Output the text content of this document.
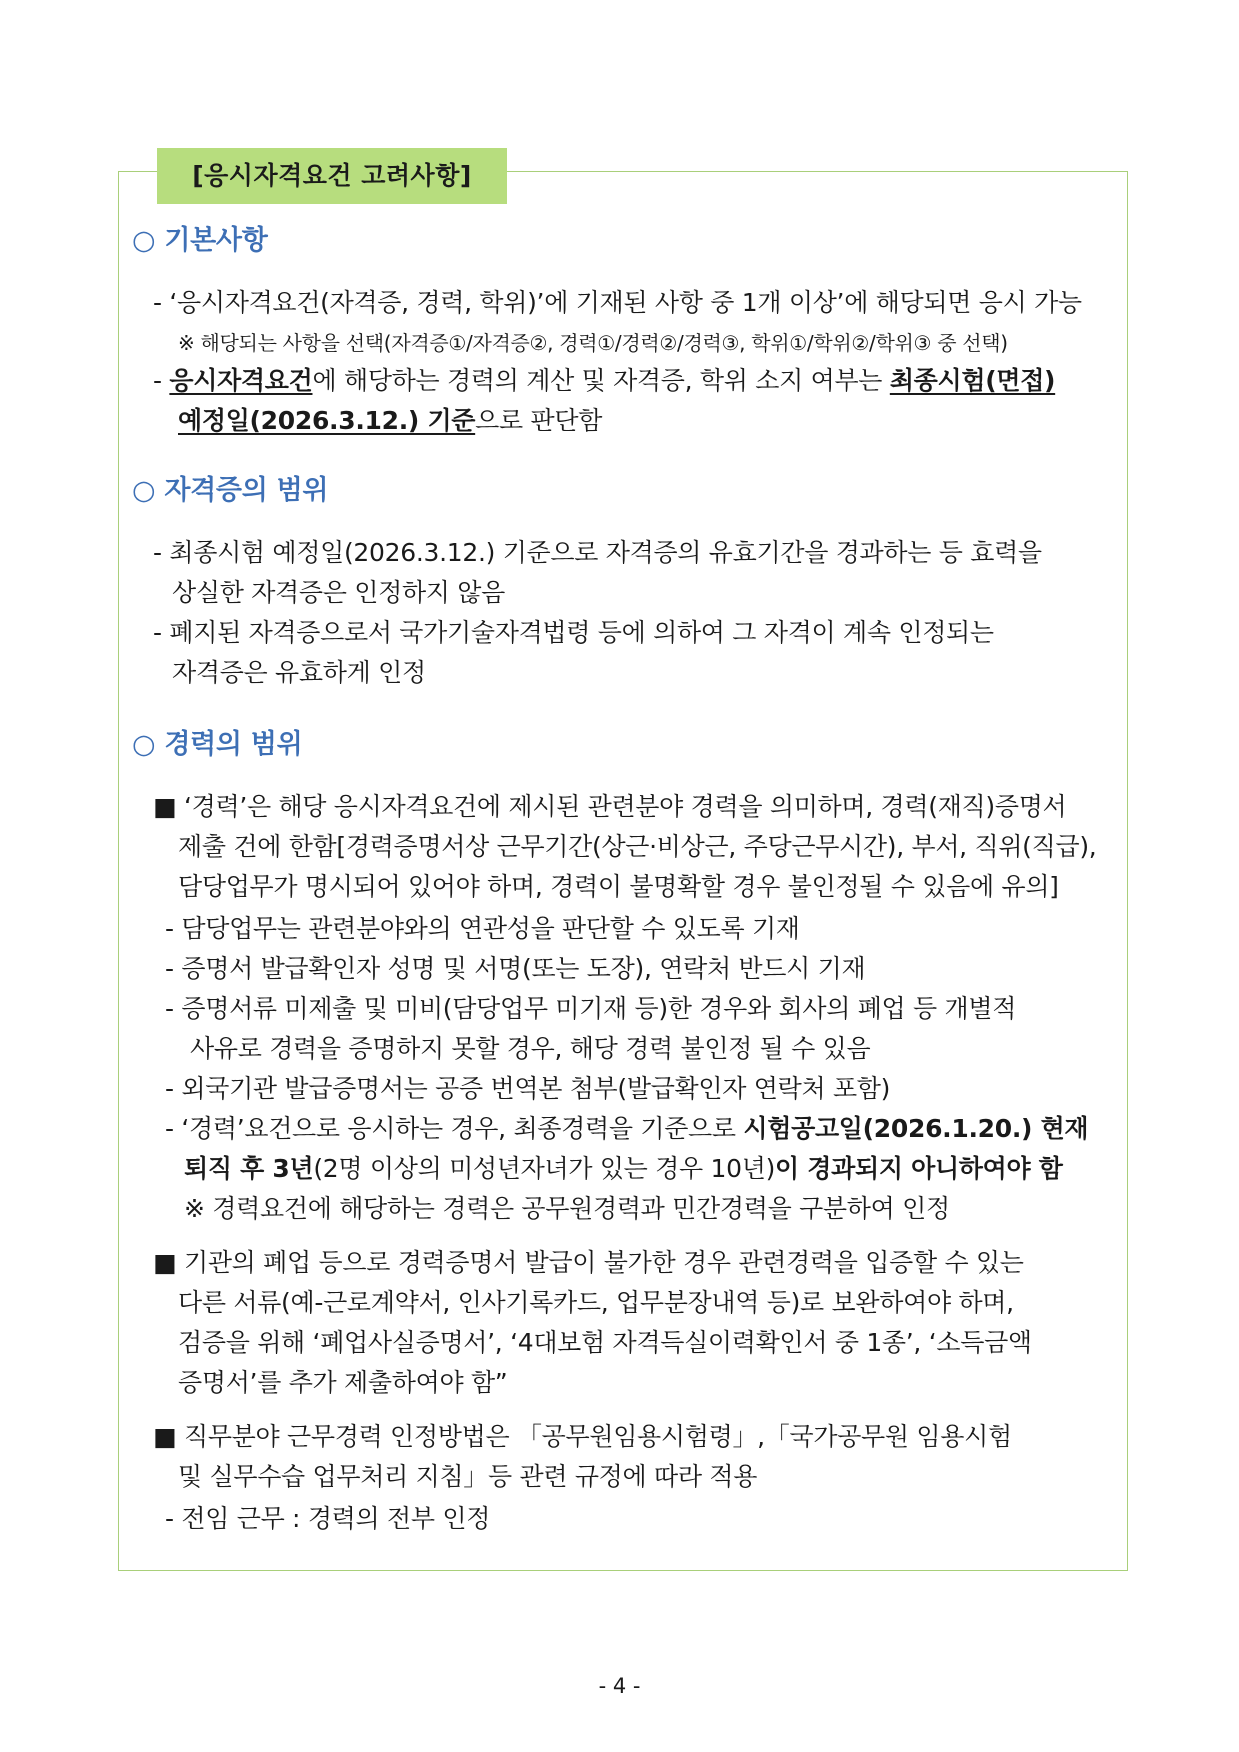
[응시자격요건 고려사항]
○ 기본사항
- ‘응시자격요건(자격증, 경력, 학위)’에 기재된 사항 중 1개 이상’에 해당되면 응시 가능
※ 해당되는 사항을 선택(자격증①/자격증②, 경력①/경력②/경력③, 학위①/학위②/학위③ 중 선택)
- 응시자격요건에 해당하는 경력의 계산 및 자격증, 학위 소지 여부는 최종시험(면접)
예정일(2026.3.12.) 기준으로 판단함
○ 자격증의 범위
- 최종시험 예정일(2026.3.12.) 기준으로 자격증의 유효기간을 경과하는 등 효력을
상실한 자격증은 인정하지 않음
- 폐지된 자격증으로서 국가기술자격법령 등에 의하여 그 자격이 계속 인정되는
자격증은 유효하게 인정
○ 경력의 범위
■ ‘경력’은 해당 응시자격요건에 제시된 관련분야 경력을 의미하며, 경력(재직)증명서
제출 건에 한함[경력증명서상 근무기간(상근·비상근, 주당근무시간), 부서, 직위(직급),
담당업무가 명시되어 있어야 하며, 경력이 불명확할 경우 불인정될 수 있음에 유의]
- 담당업무는 관련분야와의 연관성을 판단할 수 있도록 기재
- 증명서 발급확인자 성명 및 서명(또는 도장), 연락처 반드시 기재
- 증명서류 미제출 및 미비(담당업무 미기재 등)한 경우와 회사의 폐업 등 개별적
사유로 경력을 증명하지 못할 경우, 해당 경력 불인정 될 수 있음
- 외국기관 발급증명서는 공증 번역본 첨부(발급확인자 연락처 포함)
- ‘경력’요건으로 응시하는 경우, 최종경력을 기준으로 시험공고일(2026.1.20.) 현재
퇴직 후 3년(2명 이상의 미성년자녀가 있는 경우 10년)이 경과되지 아니하여야 함
※ 경력요건에 해당하는 경력은 공무원경력과 민간경력을 구분하여 인정
■ 기관의 폐업 등으로 경력증명서 발급이 불가한 경우 관련경력을 입증할 수 있는
다른 서류(예-근로계약서, 인사기록카드, 업무분장내역 등)로 보완하여야 하며,
검증을 위해 ‘폐업사실증명서’, ‘4대보험 자격득실이력확인서 중 1종’, ‘소득금액
증명서’를 추가 제출하여야 함”
■ 직무분야 근무경력 인정방법은 「공무원임용시험령」,「국가공무원 임용시험
및 실무수습 업무처리 지침」등 관련 규정에 따라 적용
- 전임 근무 : 경력의 전부 인정
- 4 -
